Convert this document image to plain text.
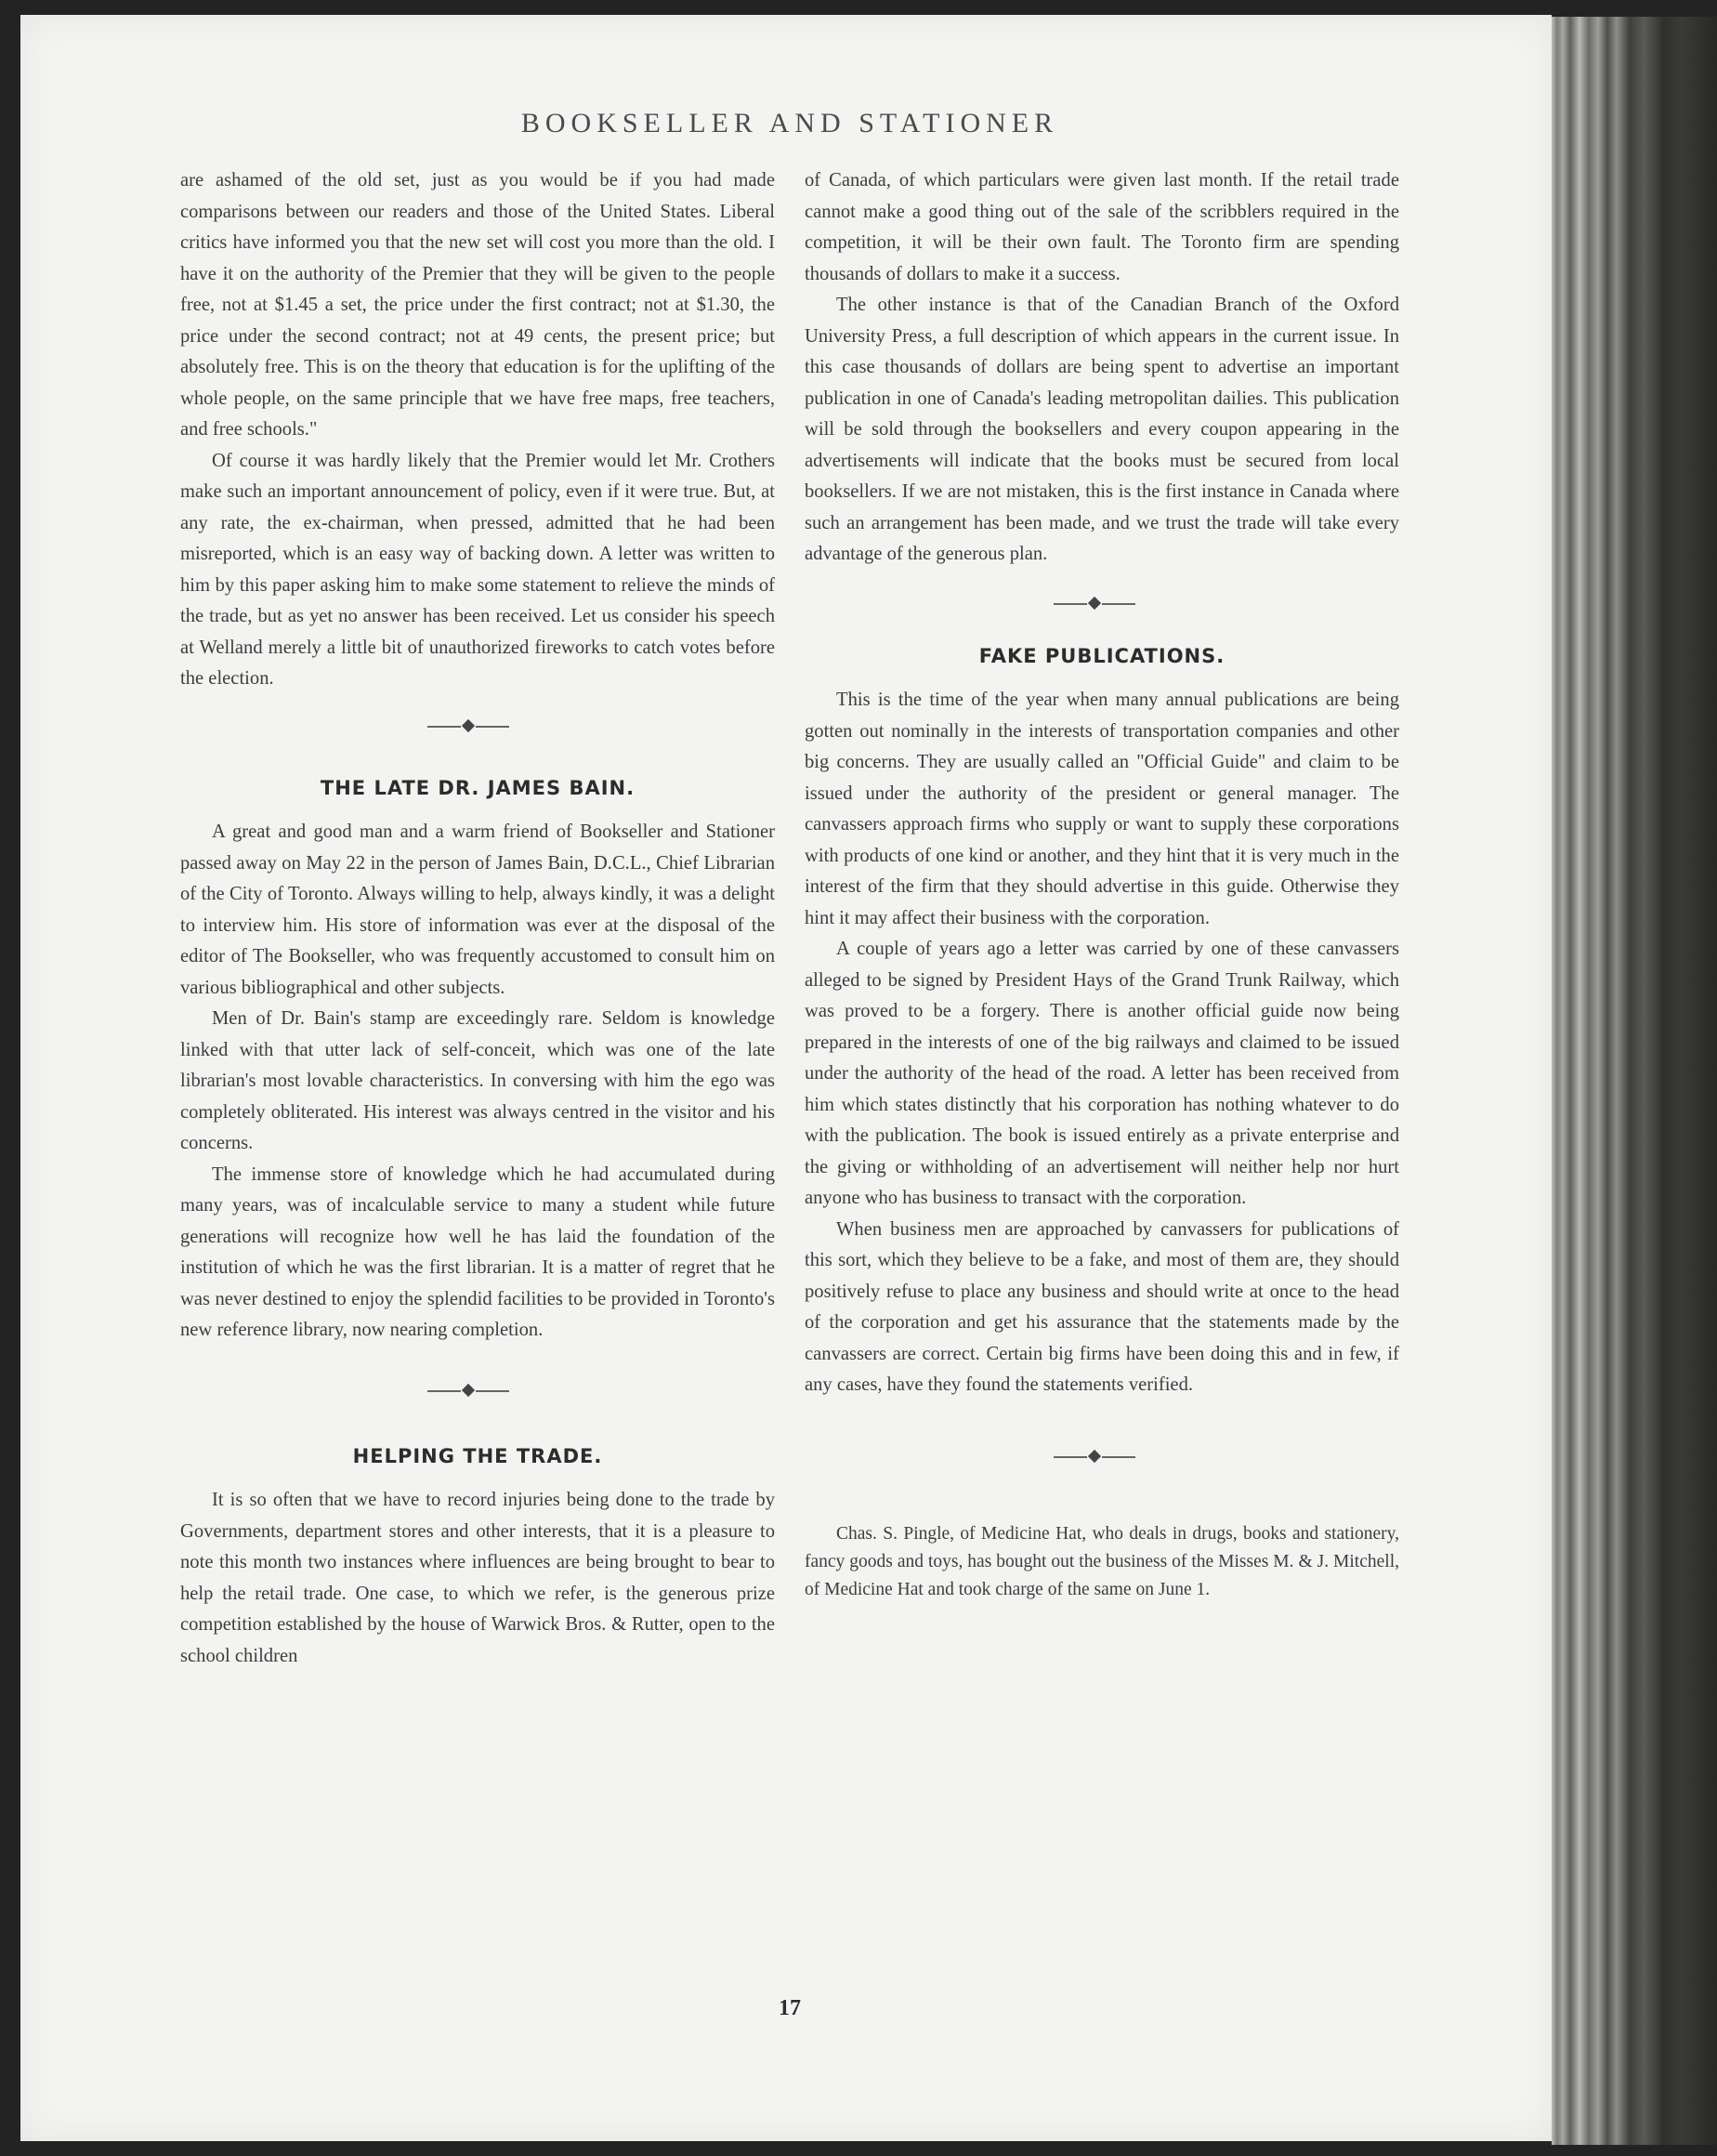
BOOKSELLER AND STATIONER

are ashamed of the old set, just as you would be if you had made comparisons between our readers and those of the United States. Liberal critics have informed you that the new set will cost you more than the old. I have it on the authority of the Premier that they will be given to the people free, not at $1.45 a set, the price under the first contract; not at $1.30, the price under the second contract; not at 49 cents, the present price; but absolutely free. This is on the theory that education is for the uplifting of the whole people, on the same principle that we have free maps, free teachers, and free schools."

Of course it was hardly likely that the Premier would let Mr. Crothers make such an important announcement of policy, even if it were true. But, at any rate, the ex-chairman, when pressed, admitted that he had been misreported, which is an easy way of backing down. A letter was written to him by this paper asking him to make some statement to relieve the minds of the trade, but as yet no answer has been received. Let us consider his speech at Welland merely a little bit of unauthorized fireworks to catch votes before the election.

THE LATE DR. JAMES BAIN.

A great and good man and a warm friend of Bookseller and Stationer passed away on May 22 in the person of James Bain, D.C.L., Chief Librarian of the City of Toronto. Always willing to help, always kindly, it was a delight to interview him. His store of information was ever at the disposal of the editor of The Bookseller, who was frequently accustomed to consult him on various bibliographical and other subjects.

Men of Dr. Bain's stamp are exceedingly rare. Seldom is knowledge linked with that utter lack of self-conceit, which was one of the late librarian's most lovable characteristics. In conversing with him the ego was completely obliterated. His interest was always centred in the visitor and his concerns.

The immense store of knowledge which he had accumulated during many years, was of incalculable service to many a student while future generations will recognize how well he has laid the foundation of the institution of which he was the first librarian. It is a matter of regret that he was never destined to enjoy the splendid facilities to be provided in Toronto's new reference library, now nearing completion.

HELPING THE TRADE.

It is so often that we have to record injuries being done to the trade by Governments, department stores and other interests, that it is a pleasure to note this month two instances where influences are being brought to bear to help the retail trade. One case, to which we refer, is the generous prize competition established by the house of Warwick Bros. & Rutter, open to the school children

of Canada, of which particulars were given last month. If the retail trade cannot make a good thing out of the sale of the scribblers required in the competition, it will be their own fault. The Toronto firm are spending thousands of dollars to make it a success.

The other instance is that of the Canadian Branch of the Oxford University Press, a full description of which appears in the current issue. In this case thousands of dollars are being spent to advertise an important publication in one of Canada's leading metropolitan dailies. This publication will be sold through the booksellers and every coupon appearing in the advertisements will indicate that the books must be secured from local booksellers. If we are not mistaken, this is the first instance in Canada where such an arrangement has been made, and we trust the trade will take every advantage of the generous plan.

FAKE PUBLICATIONS.

This is the time of the year when many annual publications are being gotten out nominally in the interests of transportation companies and other big concerns. They are usually called an "Official Guide" and claim to be issued under the authority of the president or general manager. The canvassers approach firms who supply or want to supply these corporations with products of one kind or another, and they hint that it is very much in the interest of the firm that they should advertise in this guide. Otherwise they hint it may affect their business with the corporation.

A couple of years ago a letter was carried by one of these canvassers alleged to be signed by President Hays of the Grand Trunk Railway, which was proved to be a forgery. There is another official guide now being prepared in the interests of one of the big railways and claimed to be issued under the authority of the head of the road. A letter has been received from him which states distinctly that his corporation has nothing whatever to do with the publication. The book is issued entirely as a private enterprise and the giving or withholding of an advertisement will neither help nor hurt anyone who has business to transact with the corporation.

When business men are approached by canvassers for publications of this sort, which they believe to be a fake, and most of them are, they should positively refuse to place any business and should write at once to the head of the corporation and get his assurance that the statements made by the canvassers are correct. Certain big firms have been doing this and in few, if any cases, have they found the statements verified.

Chas. S. Pingle, of Medicine Hat, who deals in drugs, books and stationery, fancy goods and toys, has bought out the business of the Misses M. & J. Mitchell, of Medicine Hat and took charge of the same on June 1.

17
